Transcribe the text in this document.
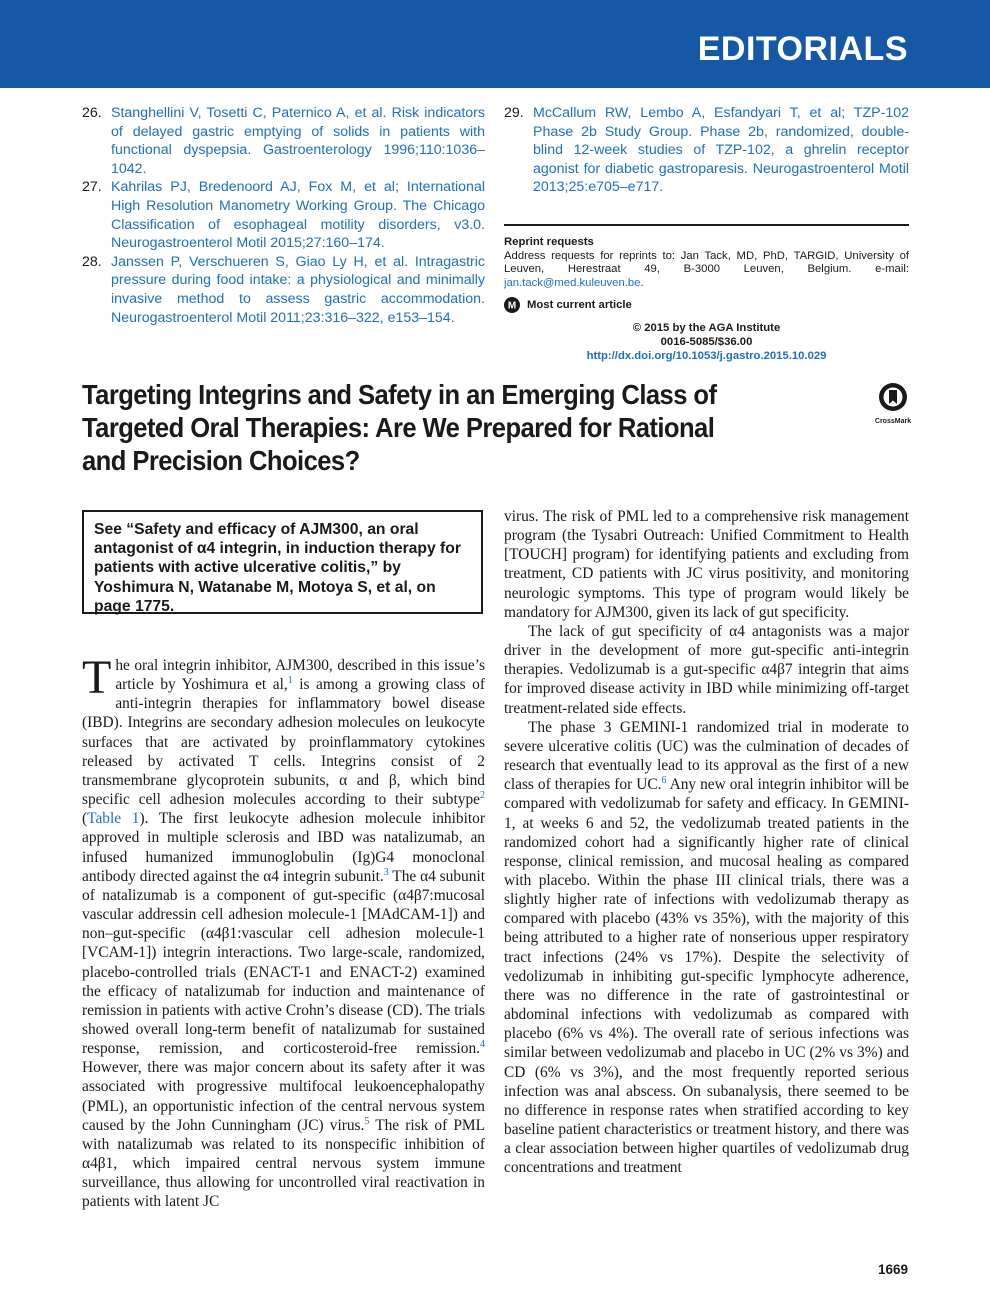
EDITORIALS
26. Stanghellini V, Tosetti C, Paternico A, et al. Risk indicators of delayed gastric emptying of solids in patients with functional dyspepsia. Gastroenterology 1996;110:1036–1042.
27. Kahrilas PJ, Bredenoord AJ, Fox M, et al; International High Resolution Manometry Working Group. The Chicago Classification of esophageal motility disorders, v3.0. Neurogastroenterol Motil 2015;27:160–174.
28. Janssen P, Verschueren S, Giao Ly H, et al. Intragastric pressure during food intake: a physiological and minimally invasive method to assess gastric accommodation. Neurogastroenterol Motil 2011;23:316–322, e153–154.
29. McCallum RW, Lembo A, Esfandyari T, et al; TZP-102 Phase 2b Study Group. Phase 2b, randomized, double-blind 12-week studies of TZP-102, a ghrelin receptor agonist for diabetic gastroparesis. Neurogastroenterol Motil 2013;25:e705–e717.
Reprint requests
Address requests for reprints to: Jan Tack, MD, PhD, TARGID, University of Leuven, Herestraat 49, B-3000 Leuven, Belgium. e-mail: jan.tack@med.kuleuven.be.
M Most current article
© 2015 by the AGA Institute
0016-5085/$36.00
http://dx.doi.org/10.1053/j.gastro.2015.10.029
Targeting Integrins and Safety in an Emerging Class of Targeted Oral Therapies: Are We Prepared for Rational and Precision Choices?
CrossMark
See “Safety and efficacy of AJM300, an oral antagonist of α4 integrin, in induction therapy for patients with active ulcerative colitis,” by Yoshimura N, Watanabe M, Motoya S, et al, on page 1775.

The oral integrin inhibitor, AJM300, described in this issue’s article by Yoshimura et al,$^1$ is among a growing class of anti-integrin therapies for inflammatory bowel disease (IBD). Integrins are secondary adhesion molecules on leukocyte surfaces that are activated by proinflammatory cytokines released by activated T cells. Integrins consist of 2 transmembrane glycoprotein subunits, α and β, which bind specific cell adhesion molecules according to their subtype$^2$ (Table 1). The first leukocyte adhesion molecule inhibitor approved in multiple sclerosis and IBD was natalizumab, an infused humanized immunoglobulin (Ig)G4 monoclonal antibody directed against the α4 integrin subunit.$^3$ The α4 subunit of natalizumab is a component of gut-specific (α4β7:mucosal vascular addressin cell adhesion molecule-1 [MAdCAM-1]) and non–gut-specific (α4β1:vascular cell adhesion molecule-1 [VCAM-1]) integrin interactions. Two large-scale, randomized, placebo-controlled trials (ENACT-1 and ENACT-2) examined the efficacy of natalizumab for induction and maintenance of remission in patients with active Crohn’s disease (CD). The trials showed overall long-term benefit of natalizumab for sustained response, remission, and corticosteroid-free remission.$^4$ However, there was major concern about its safety after it was associated with progressive multifocal leukoencephalopathy (PML), an opportunistic infection of the central nervous system caused by the John Cunningham (JC) virus.$^5$ The risk of PML with natalizumab was related to its nonspecific inhibition of α4β1, which impaired central nervous system immune surveillance, thus allowing for uncontrolled viral reactivation in patients with latent JC

virus. The risk of PML led to a comprehensive risk management program (the Tysabri Outreach: Unified Commitment to Health [TOUCH] program) for identifying patients and excluding from treatment, CD patients with JC virus positivity, and monitoring neurologic symptoms. This type of program would likely be mandatory for AJM300, given its lack of gut specificity.

The lack of gut specificity of α4 antagonists was a major driver in the development of more gut-specific anti-integrin therapies. Vedolizumab is a gut-specific α4β7 integrin that aims for improved disease activity in IBD while minimizing off-target treatment-related side effects.

The phase 3 GEMINI-1 randomized trial in moderate to severe ulcerative colitis (UC) was the culmination of decades of research that eventually lead to its approval as the first of a new class of therapies for UC.$^6$ Any new oral integrin inhibitor will be compared with vedolizumab for safety and efficacy. In GEMINI-1, at weeks 6 and 52, the vedolizumab treated patients in the randomized cohort had a significantly higher rate of clinical response, clinical remission, and mucosal healing as compared with placebo. Within the phase III clinical trials, there was a slightly higher rate of infections with vedolizumab therapy as compared with placebo (43% vs 35%), with the majority of this being attributed to a higher rate of nonserious upper respiratory tract infections (24% vs 17%). Despite the selectivity of vedolizumab in inhibiting gut-specific lymphocyte adherence, there was no difference in the rate of gastrointestinal or abdominal infections with vedolizumab as compared with placebo (6% vs 4%). The overall rate of serious infections was similar between vedolizumab and placebo in UC (2% vs 3%) and CD (6% vs 3%), and the most frequently reported serious infection was anal abscess. On subanalysis, there seemed to be no difference in response rates when stratified according to key baseline patient characteristics or treatment history, and there was a clear association between higher quartiles of vedolizumab drug concentrations and treatment

1669
